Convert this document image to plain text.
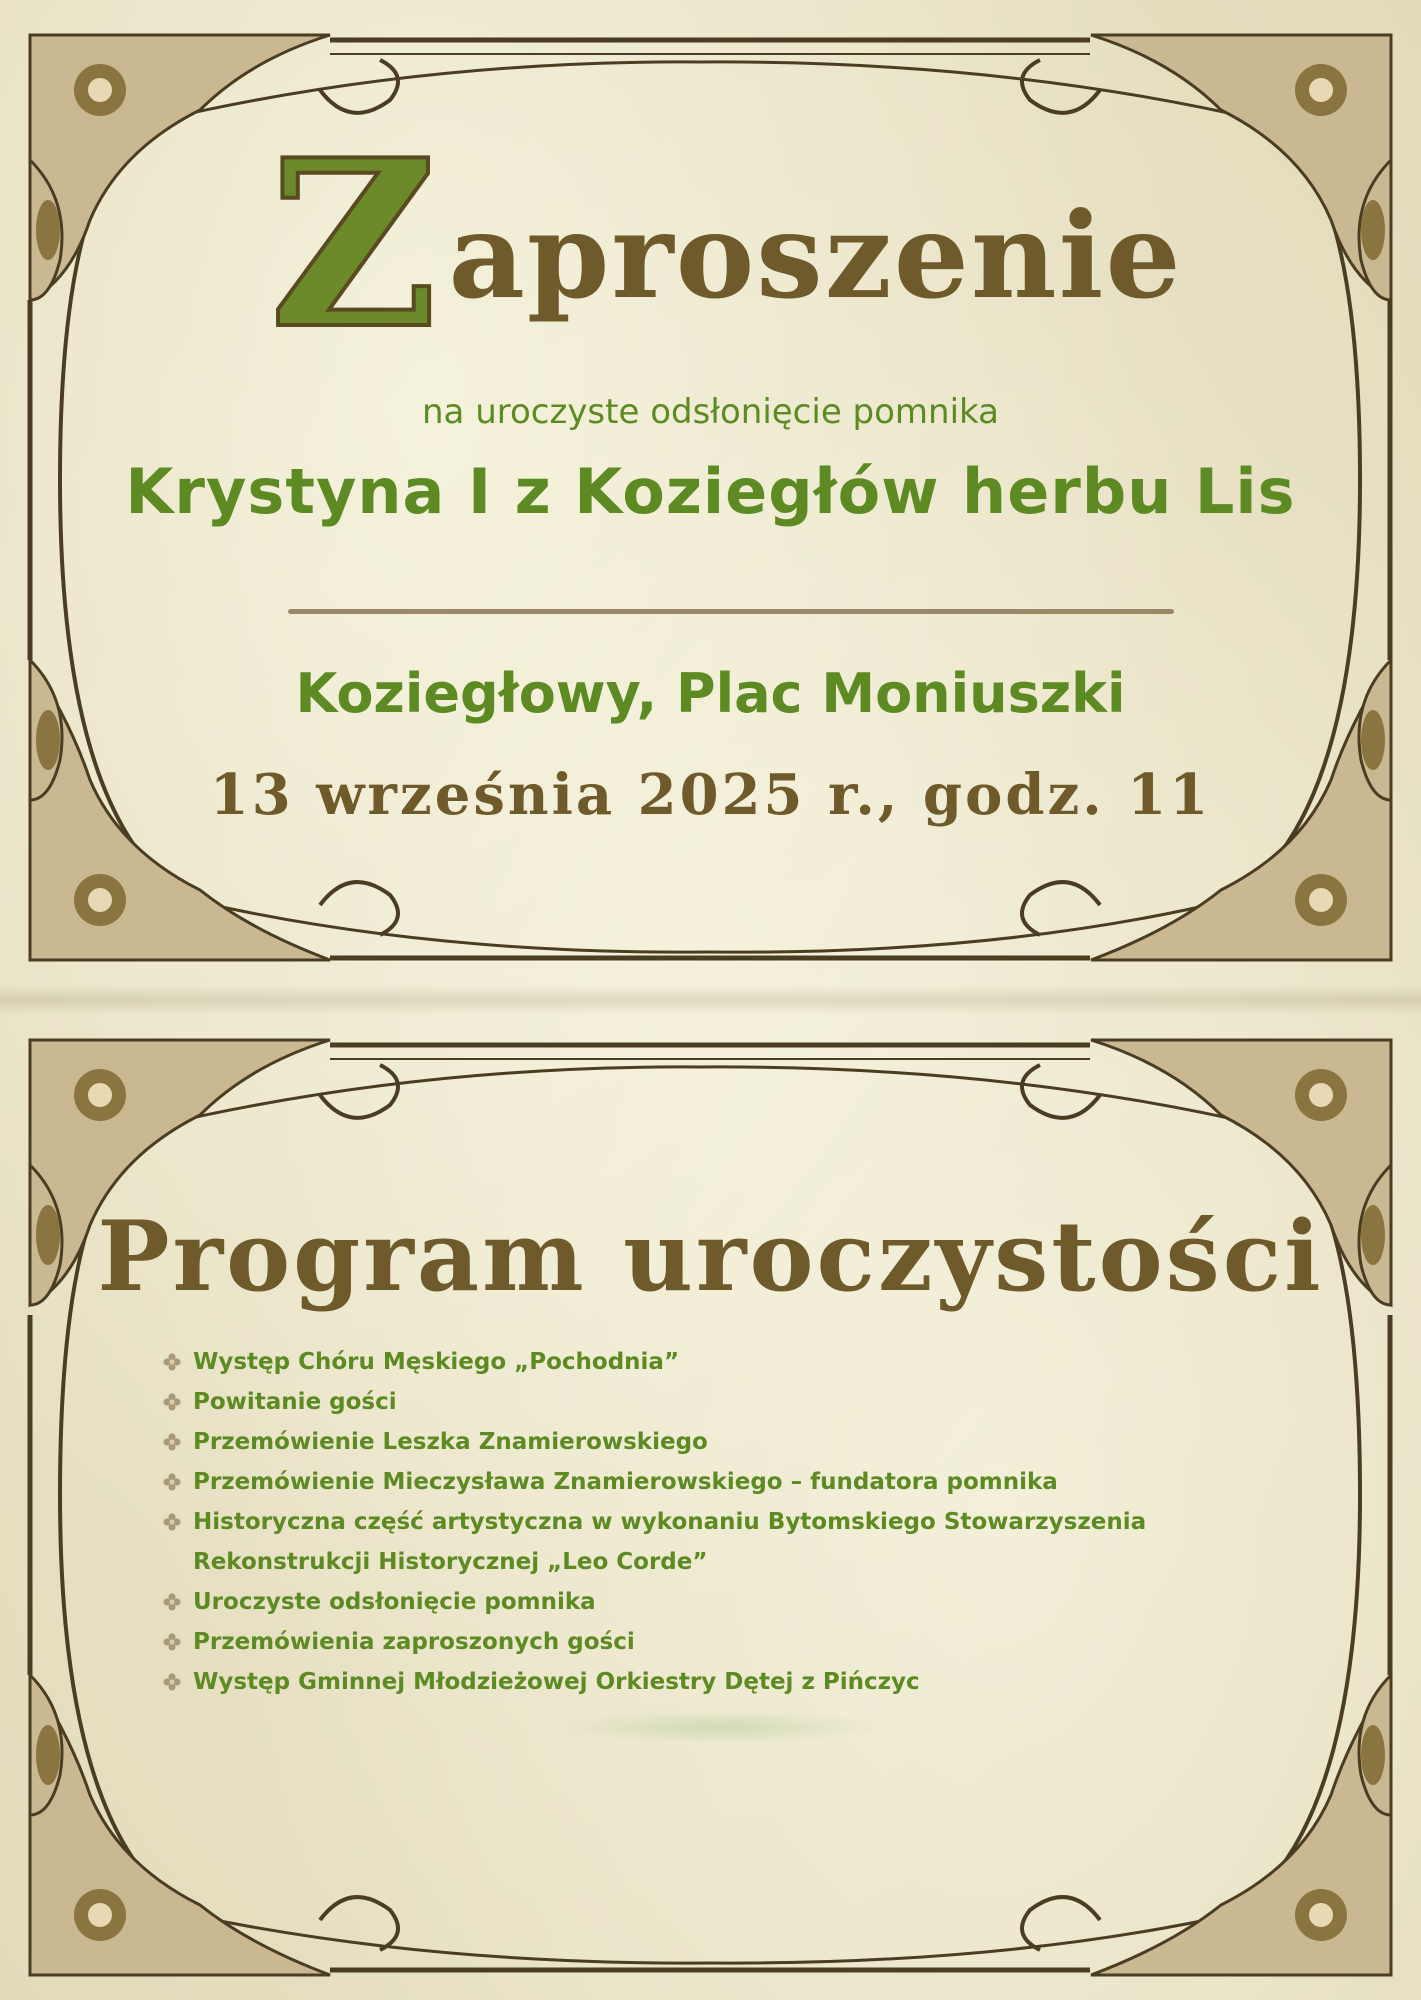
Z aproszenie
na uroczyste odsłonięcie pomnika
Krystyna I z Koziegłów herbu Lis
Koziegłowy, Plac Moniuszki
13 września 2025 r., godz. 11
Program uroczystości
Występ Chóru Męskiego „Pochodnia”
Powitanie gości
Przemówienie Leszka Znamierowskiego
Przemówienie Mieczysława Znamierowskiego – fundatora pomnika
Historyczna część artystyczna w wykonaniu Bytomskiego Stowarzyszenia Rekonstrukcji Historycznej „Leo Corde”
Uroczyste odsłonięcie pomnika
Przemówienia zaproszonych gości
Występ Gminnej Młodzieżowej Orkiestry Dętej z Pińczyc
